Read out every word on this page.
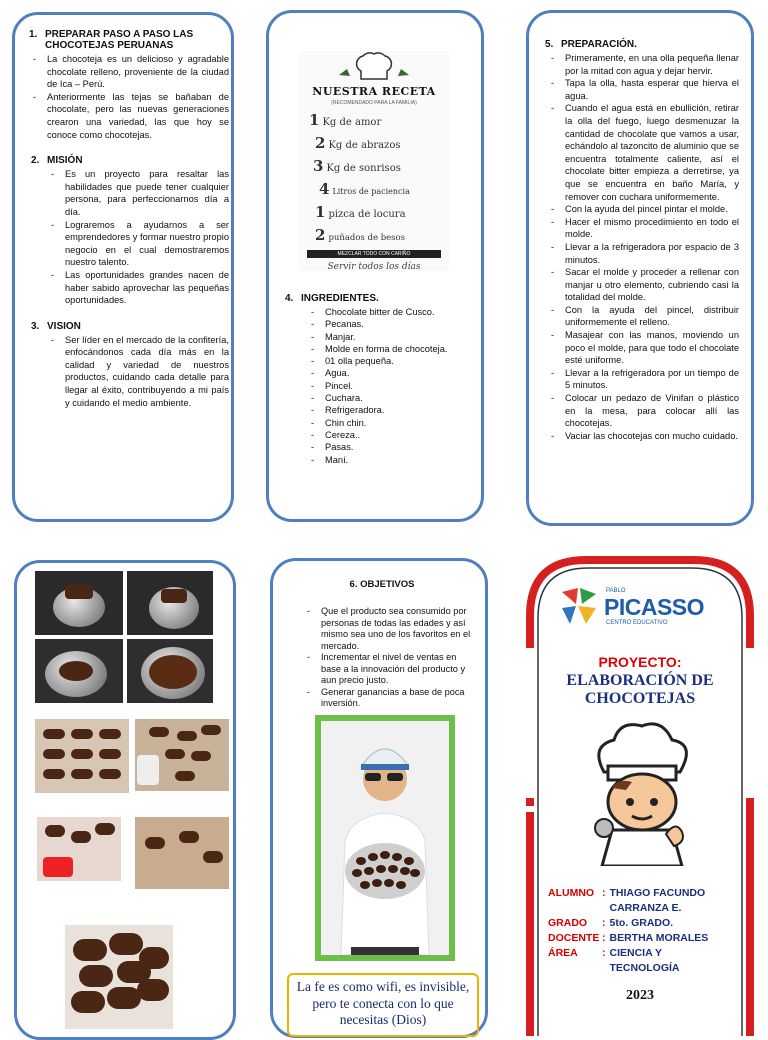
1. PREPARAR PASO A PASO LAS CHOCOTEJAS PERUANAS
- La chocoteja es un delicioso y agradable chocolate relleno, proveniente de la ciudad de Ica – Perú.
- Anteriormente las tejas se bañaban de chocolate, pero las nuevas generaciones crearon una variedad, las que hoy se conoce como chocotejas.
2. MISIÓN
- Es un proyecto para resaltar las habilidades que puede tener cualquier persona, para perfeccionarnos día a día.
- Lograremos a ayudarnos a ser emprendedores y formar nuestro propio negocio en el cual demostraremos nuestro talento.
- Las oportunidades grandes nacen de haber sabido aprovechar las pequeñas oportunidades.
3. VISION
- Ser líder en el mercado de la confitería, enfocándonos cada día más en la calidad y variedad de nuestros productos, cuidando cada detalle para llegar al éxito, contribuyendo a mi país y cuidando el medio ambiente.
NUESTRA RECETA
(RECOMENDADO PARA LA FAMILIA)
1 Kg de amor
2 Kg de abrazos
3 Kg de sonrisos
4 Litros de paciencia
1 pizca de locura
2 puñados de besos
MEZCLAR TODO CON CARIÑO
Servir todos los días
4. INGREDIENTES.
- Chocolate bitter de Cusco.
- Pecanas.
- Manjar.
- Molde en forma de chocoteja.
- 01 olla pequeña.
- Agua.
- Pincel.
- Cuchara.
- Refrigeradora.
- Chin chin.
- Cereza..
- Pasas.
- Maní.
5. PREPARACIÓN.
- Primeramente, en una olla pequeña llenar por la mitad con agua y dejar hervir.
- Tapa la olla, hasta esperar que hierva el agua.
- Cuando el agua está en ebullición, retirar la olla del fuego, luego desmenuzar la cantidad de chocolate que vamos a usar, echándolo al tazoncito de aluminio que se encuentra totalmente caliente, así el chocolate bitter empieza a derretirse, ya que se encuentra en baño María, y remover con cuchara uniformemente.
- Con la ayuda del pincel pintar el molde.
- Hacer el mismo procedimiento en todo el molde.
- Llevar a la refrigeradora por espacio de 3 minutos.
- Sacar el molde y proceder a rellenar con manjar u otro elemento, cubriendo casi la totalidad del molde.
- Con la ayuda del pincel, distribuir uniformemente el relleno.
- Masajear con las manos, moviendo un poco el molde, para que todo el chocolate esté uniforme.
- Llevar a la refrigeradora por un tiempo de 5 minutos.
- Colocar un pedazo de Vinifan o plástico en la mesa, para colocar allí las chocotejas.
- Vaciar las chocotejas con mucho cuidado.
6. OBJETIVOS
- Que el producto sea consumido por personas de todas las edades y así mismo sea uno de los favoritos en el mercado.
- Incrementar el nivel de ventas en base a la innovación del producto y aun precio justo.
- Generar ganancias a base de poca inversión.
La fe es como wifi, es invisible, pero te conecta con lo que necesitas (Dios)
PABLO
PICASSO
CENTRO EDUCATIVO
PROYECTO:
ELABORACIÓN DE
CHOCOTEJAS
ALUMNO : THIAGO FACUNDO CARRANZA E.
GRADO	: 5to. GRADO.
DOCENTE : BERTHA MORALES
ÁREA	: CIENCIA Y TECNOLOGÍA
2023
